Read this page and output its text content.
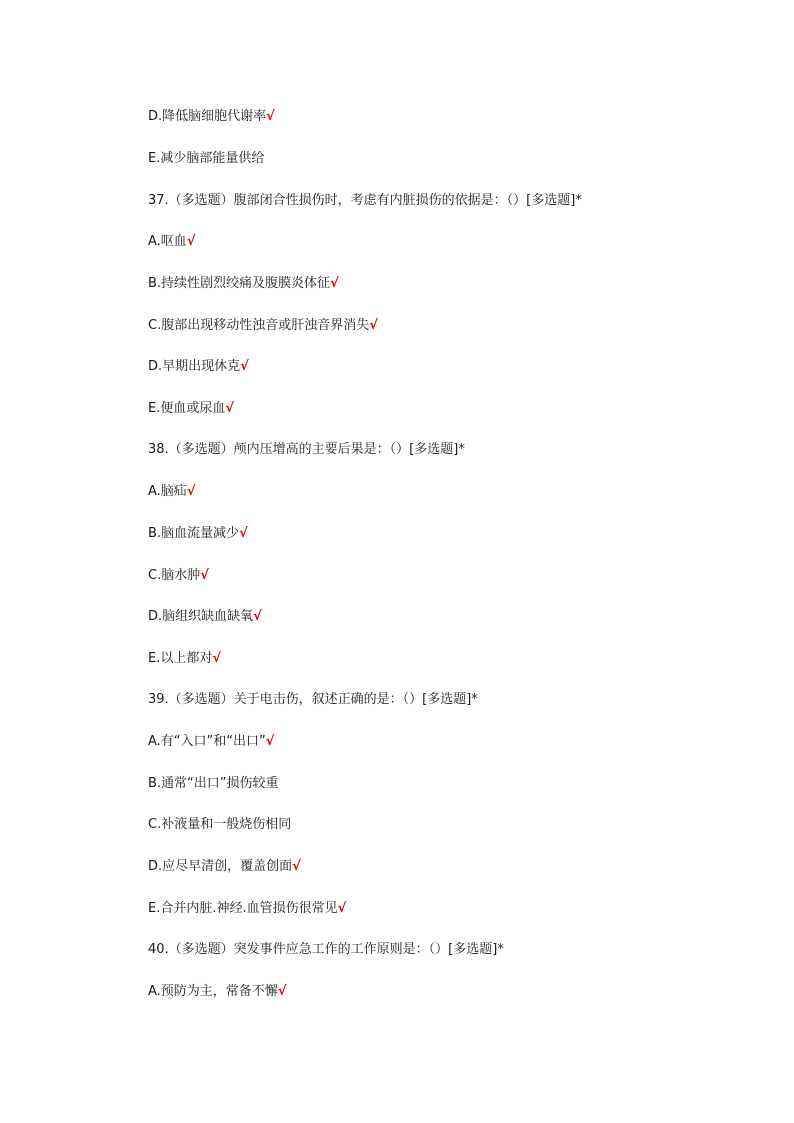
D.降低脑细胞代谢率√
E.减少脑部能量供给
37.（多选题）腹部闭合性损伤时，考虑有内脏损伤的依据是：（）[多选题]*
A.呕血√
B.持续性剧烈绞痛及腹膜炎体征√
C.腹部出现移动性浊音或肝浊音界消失√
D.早期出现休克√
E.便血或尿血√
38.（多选题）颅内压增高的主要后果是：（）[多选题]*
A.脑疝√
B.脑血流量减少√
C.脑水肿√
D.脑组织缺血缺氧√
E.以上都对√
39.（多选题）关于电击伤，叙述正确的是：（）[多选题]*
A.有“入口”和“出口”√
B.通常“出口”损伤较重
C.补液量和一般烧伤相同
D.应尽早清创，覆盖创面√
E.合并内脏.神经.血管损伤很常见√
40.（多选题）突发事件应急工作的工作原则是：（）[多选题]*
A.预防为主，常备不懈√
